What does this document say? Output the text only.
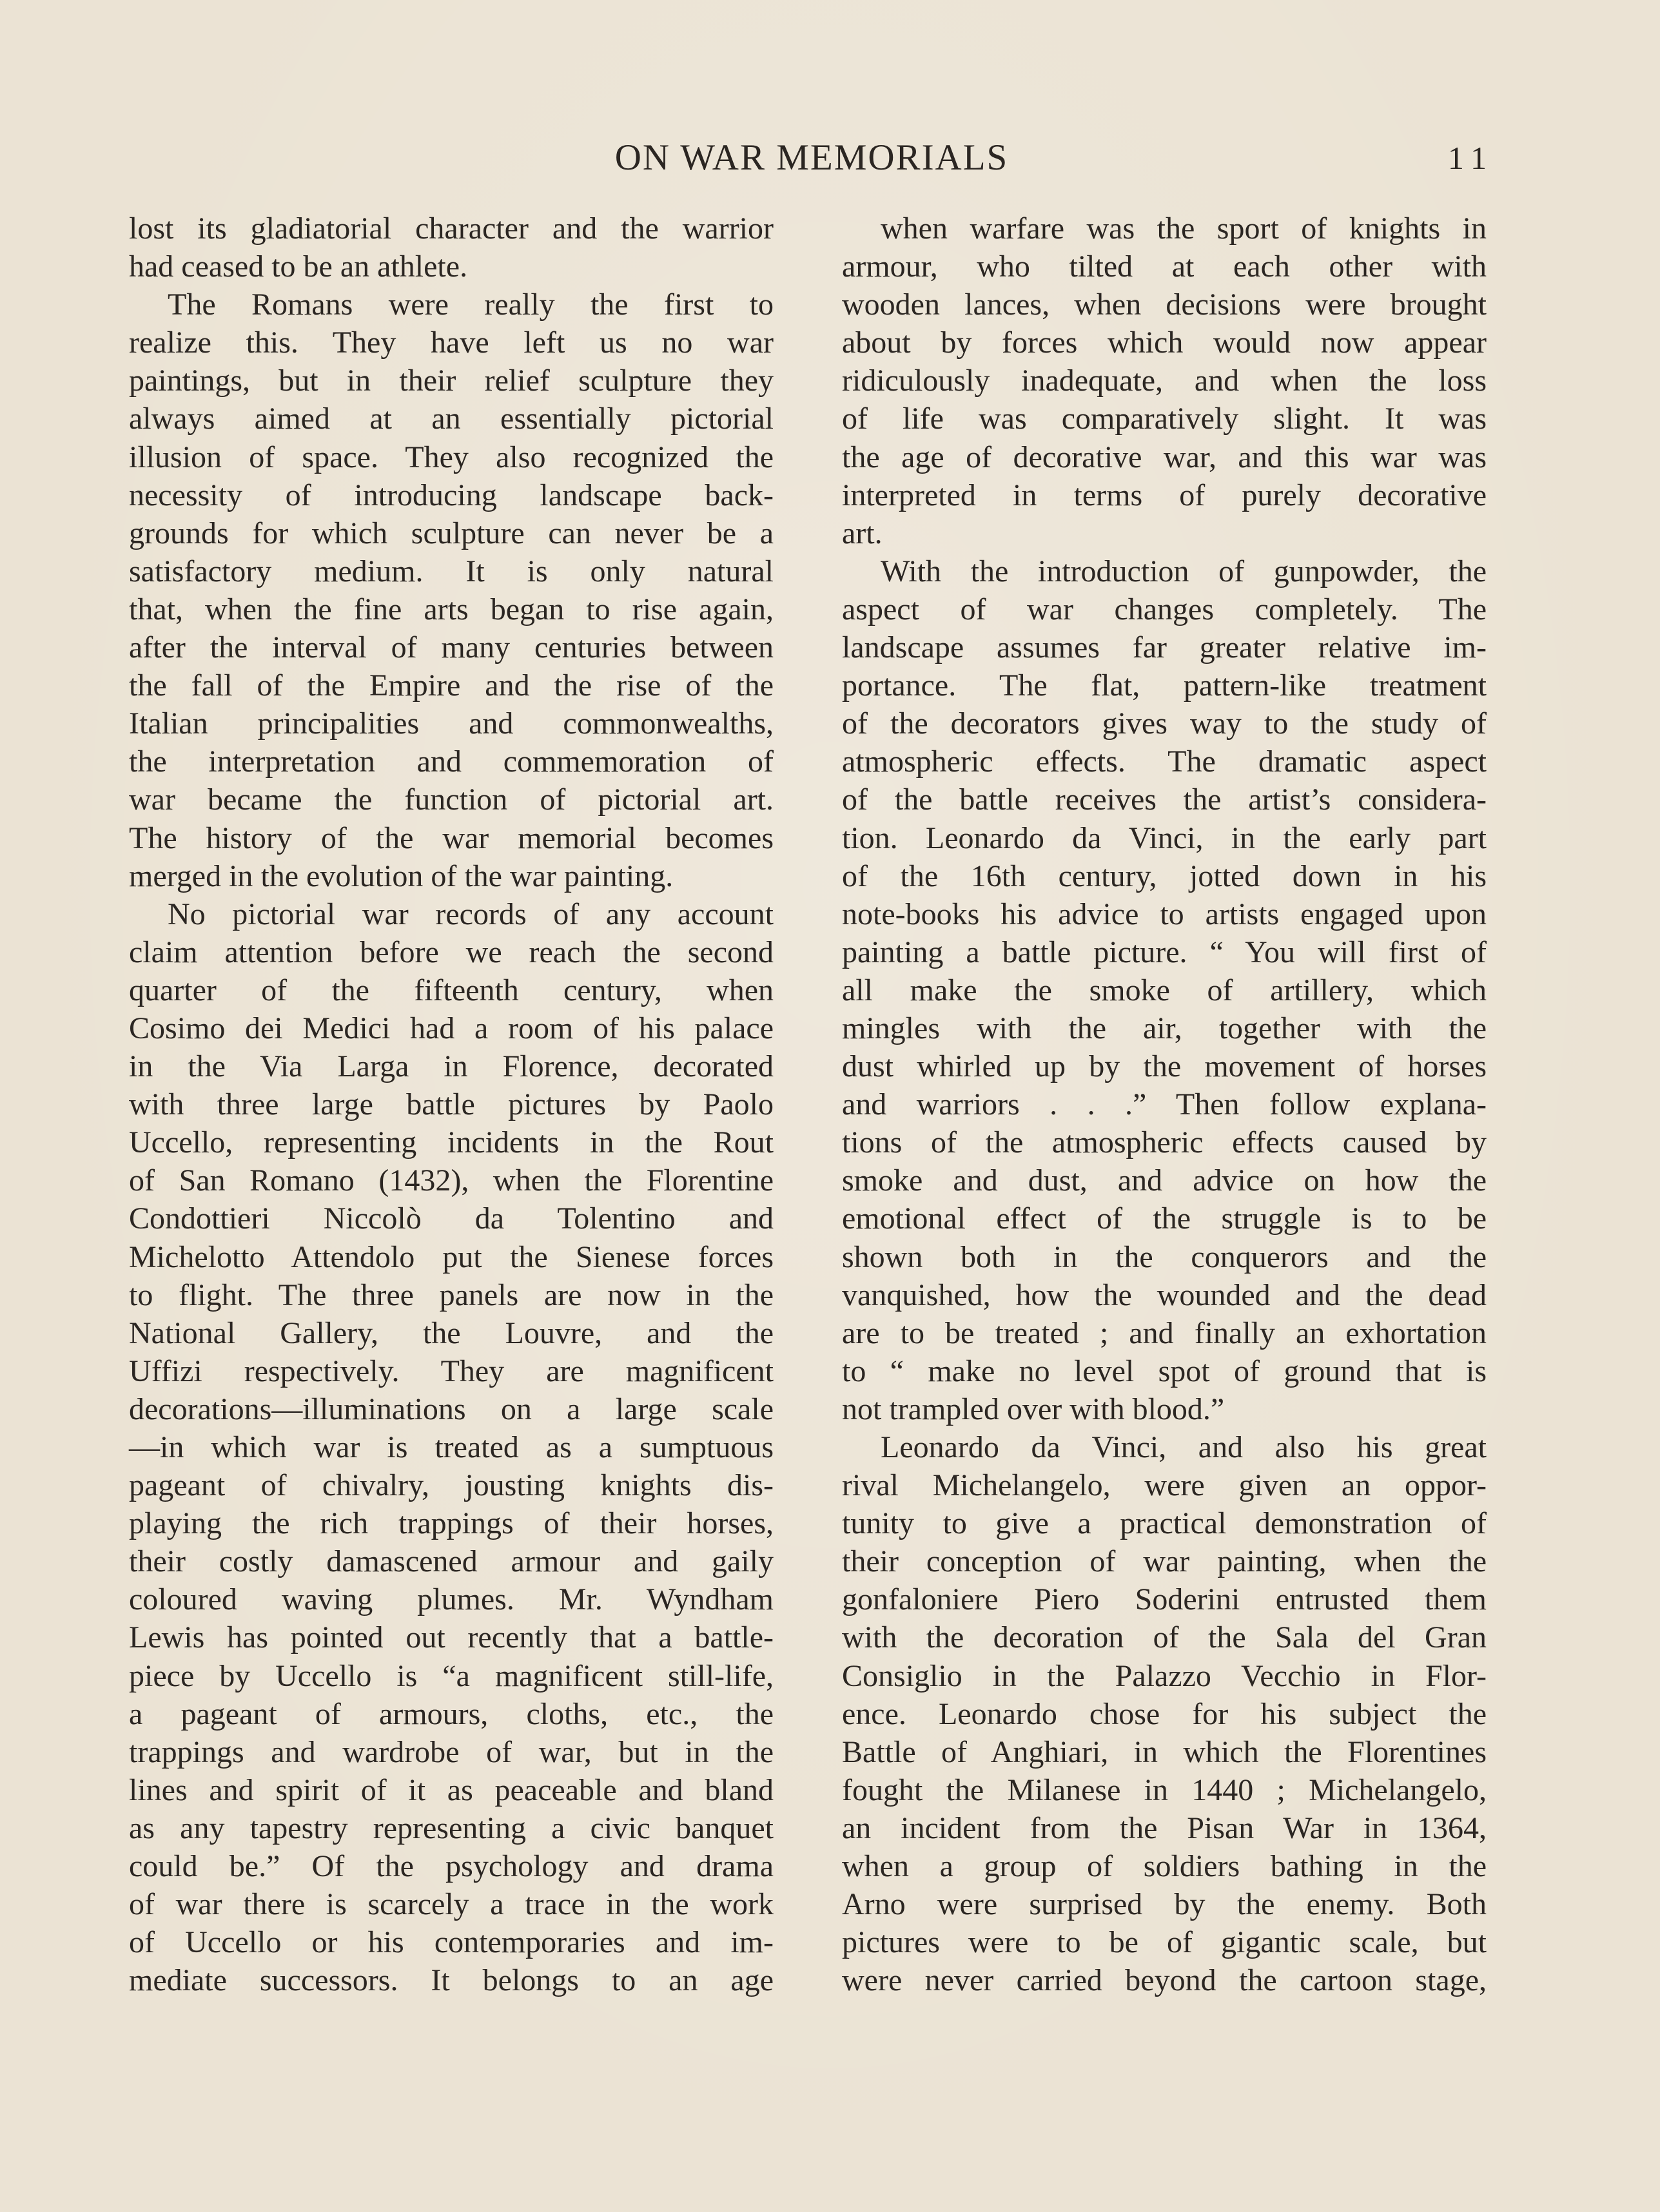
ON WAR MEMORIALS	11

lost its gladiatorial character and the warrior
had ceased to be an athlete.

The Romans were really the first to
realize this. They have left us no war
paintings, but in their relief sculpture they
always aimed at an essentially pictorial
illusion of space. They also recognized the
necessity of introducing landscape back-
grounds for which sculpture can never be a
satisfactory medium. It is only natural
that, when the fine arts began to rise again,
after the interval of many centuries between
the fall of the Empire and the rise of the
Italian principalities and commonwealths,
the interpretation and commemoration of
war became the function of pictorial art.
The history of the war memorial becomes
merged in the evolution of the war painting.

No pictorial war records of any account
claim attention before we reach the second
quarter of the fifteenth century, when
Cosimo dei Medici had a room of his palace
in the Via Larga in Florence, decorated
with three large battle pictures by Paolo
Uccello, representing incidents in the Rout
of San Romano (1432), when the Florentine
Condottieri Niccolò da Tolentino and
Michelotto Attendolo put the Sienese forces
to flight. The three panels are now in the
National Gallery, the Louvre, and the
Uffizi respectively. They are magnificent
decorations—illuminations on a large scale
—in which war is treated as a sumptuous
pageant of chivalry, jousting knights dis-
playing the rich trappings of their horses,
their costly damascened armour and gaily
coloured waving plumes. Mr. Wyndham
Lewis has pointed out recently that a battle-
piece by Uccello is “a magnificent still-life,
a pageant of armours, cloths, etc., the
trappings and wardrobe of war, but in the
lines and spirit of it as peaceable and bland
as any tapestry representing a civic banquet
could be.” Of the psychology and drama
of war there is scarcely a trace in the work
of Uccello or his contemporaries and im-
mediate successors. It belongs to an age

when warfare was the sport of knights in
armour, who tilted at each other with
wooden lances, when decisions were brought
about by forces which would now appear
ridiculously inadequate, and when the loss
of life was comparatively slight. It was
the age of decorative war, and this war was
interpreted in terms of purely decorative
art.

With the introduction of gunpowder, the
aspect of war changes completely. The
landscape assumes far greater relative im-
portance. The flat, pattern-like treatment
of the decorators gives way to the study of
atmospheric effects. The dramatic aspect
of the battle receives the artist’s considera-
tion. Leonardo da Vinci, in the early part
of the 16th century, jotted down in his
note-books his advice to artists engaged upon
painting a battle picture. “ You will first of
all make the smoke of artillery, which
mingles with the air, together with the
dust whirled up by the movement of horses
and warriors . . .” Then follow explana-
tions of the atmospheric effects caused by
smoke and dust, and advice on how the
emotional effect of the struggle is to be
shown both in the conquerors and the
vanquished, how the wounded and the dead
are to be treated ; and finally an exhortation
to “ make no level spot of ground that is
not trampled over with blood.”

Leonardo da Vinci, and also his great
rival Michelangelo, were given an oppor-
tunity to give a practical demonstration of
their conception of war painting, when the
gonfaloniere Piero Soderini entrusted them
with the decoration of the Sala del Gran
Consiglio in the Palazzo Vecchio in Flor-
ence. Leonardo chose for his subject the
Battle of Anghiari, in which the Florentines
fought the Milanese in 1440 ; Michelangelo,
an incident from the Pisan War in 1364,
when a group of soldiers bathing in the
Arno were surprised by the enemy. Both
pictures were to be of gigantic scale, but
were never carried beyond the cartoon stage,
